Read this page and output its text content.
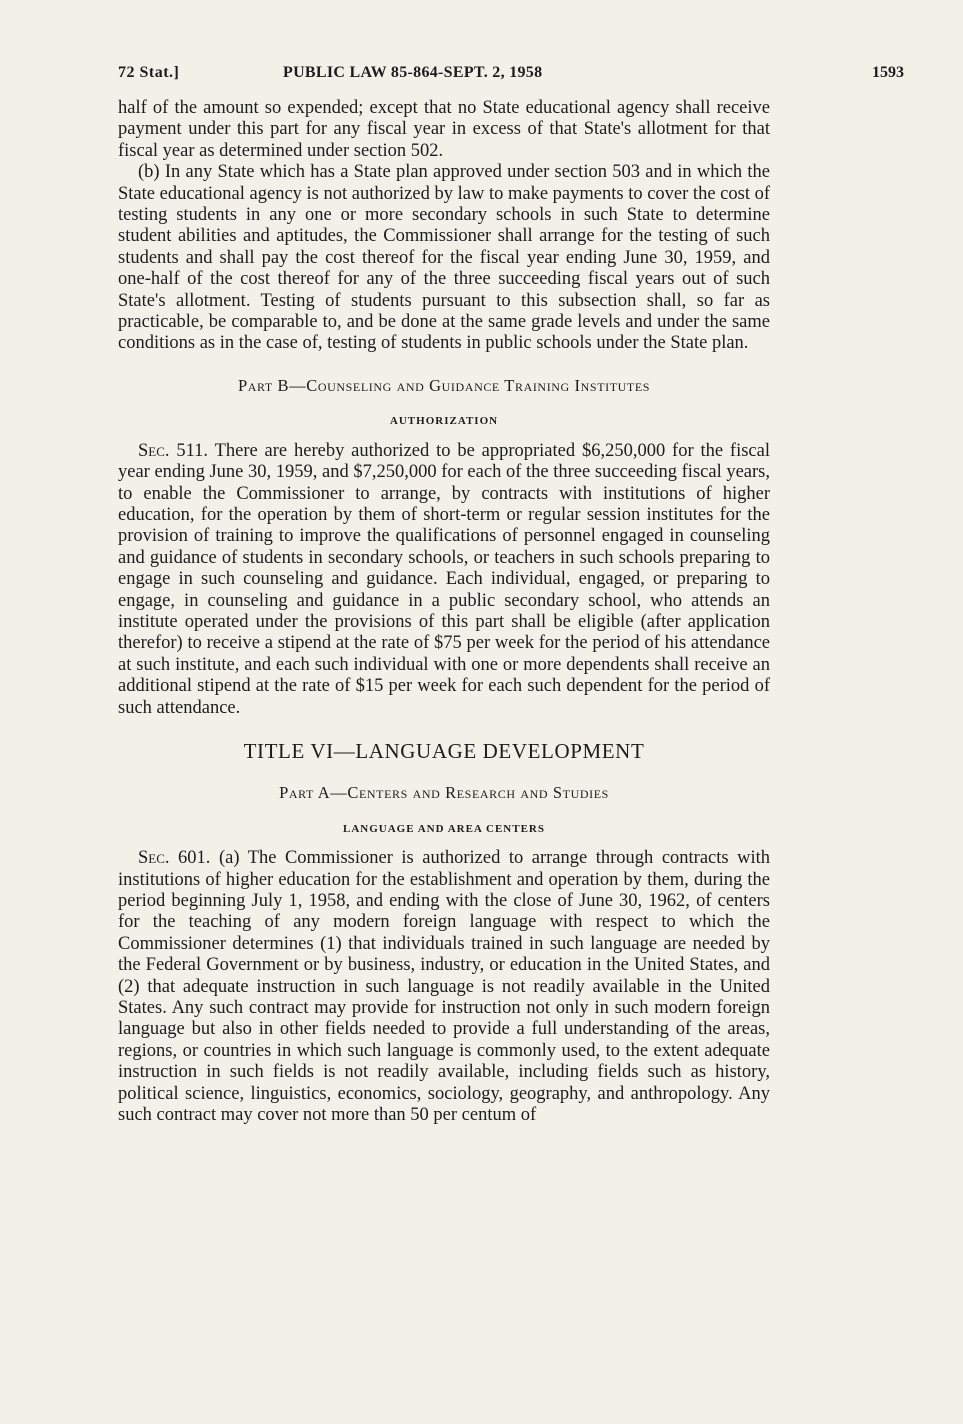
72 Stat.]	PUBLIC LAW 85-864-SEPT. 2, 1958	1593

half of the amount so expended; except that no State educational agency shall receive payment under this part for any fiscal year in excess of that State's allotment for that fiscal year as determined under section 502.

(b) In any State which has a State plan approved under section 503 and in which the State educational agency is not authorized by law to make payments to cover the cost of testing students in any one or more secondary schools in such State to determine student abilities and aptitudes, the Commissioner shall arrange for the testing of such students and shall pay the cost thereof for the fiscal year ending June 30, 1959, and one-half of the cost thereof for any of the three succeeding fiscal years out of such State's allotment. Testing of students pursuant to this subsection shall, so far as practicable, be comparable to, and be done at the same grade levels and under the same conditions as in the case of, testing of students in public schools under the State plan.

Part B—Counseling and Guidance Training Institutes
AUTHORIZATION

Sec. 511. There are hereby authorized to be appropriated $6,250,000 for the fiscal year ending June 30, 1959, and $7,250,000 for each of the three succeeding fiscal years, to enable the Commissioner to arrange, by contracts with institutions of higher education, for the operation by them of short-term or regular session institutes for the provision of training to improve the qualifications of personnel engaged in counseling and guidance of students in secondary schools, or teachers in such schools preparing to engage in such counseling and guidance. Each individual, engaged, or preparing to engage, in counseling and guidance in a public secondary school, who attends an institute operated under the provisions of this part shall be eligible (after application therefor) to receive a stipend at the rate of $75 per week for the period of his attendance at such institute, and each such individual with one or more dependents shall receive an additional stipend at the rate of $15 per week for each such dependent for the period of such attendance.

TITLE VI—LANGUAGE DEVELOPMENT
Part A—Centers and Research and Studies
LANGUAGE AND AREA CENTERS

Sec. 601. (a) The Commissioner is authorized to arrange through contracts with institutions of higher education for the establishment and operation by them, during the period beginning July 1, 1958, and ending with the close of June 30, 1962, of centers for the teaching of any modern foreign language with respect to which the Commissioner determines (1) that individuals trained in such language are needed by the Federal Government or by business, industry, or education in the United States, and (2) that adequate instruction in such language is not readily available in the United States. Any such contract may provide for instruction not only in such modern foreign language but also in other fields needed to provide a full understanding of the areas, regions, or countries in which such language is commonly used, to the extent adequate instruction in such fields is not readily available, including fields such as history, political science, linguistics, economics, sociology, geography, and anthropology. Any such contract may cover not more than 50 per centum of
